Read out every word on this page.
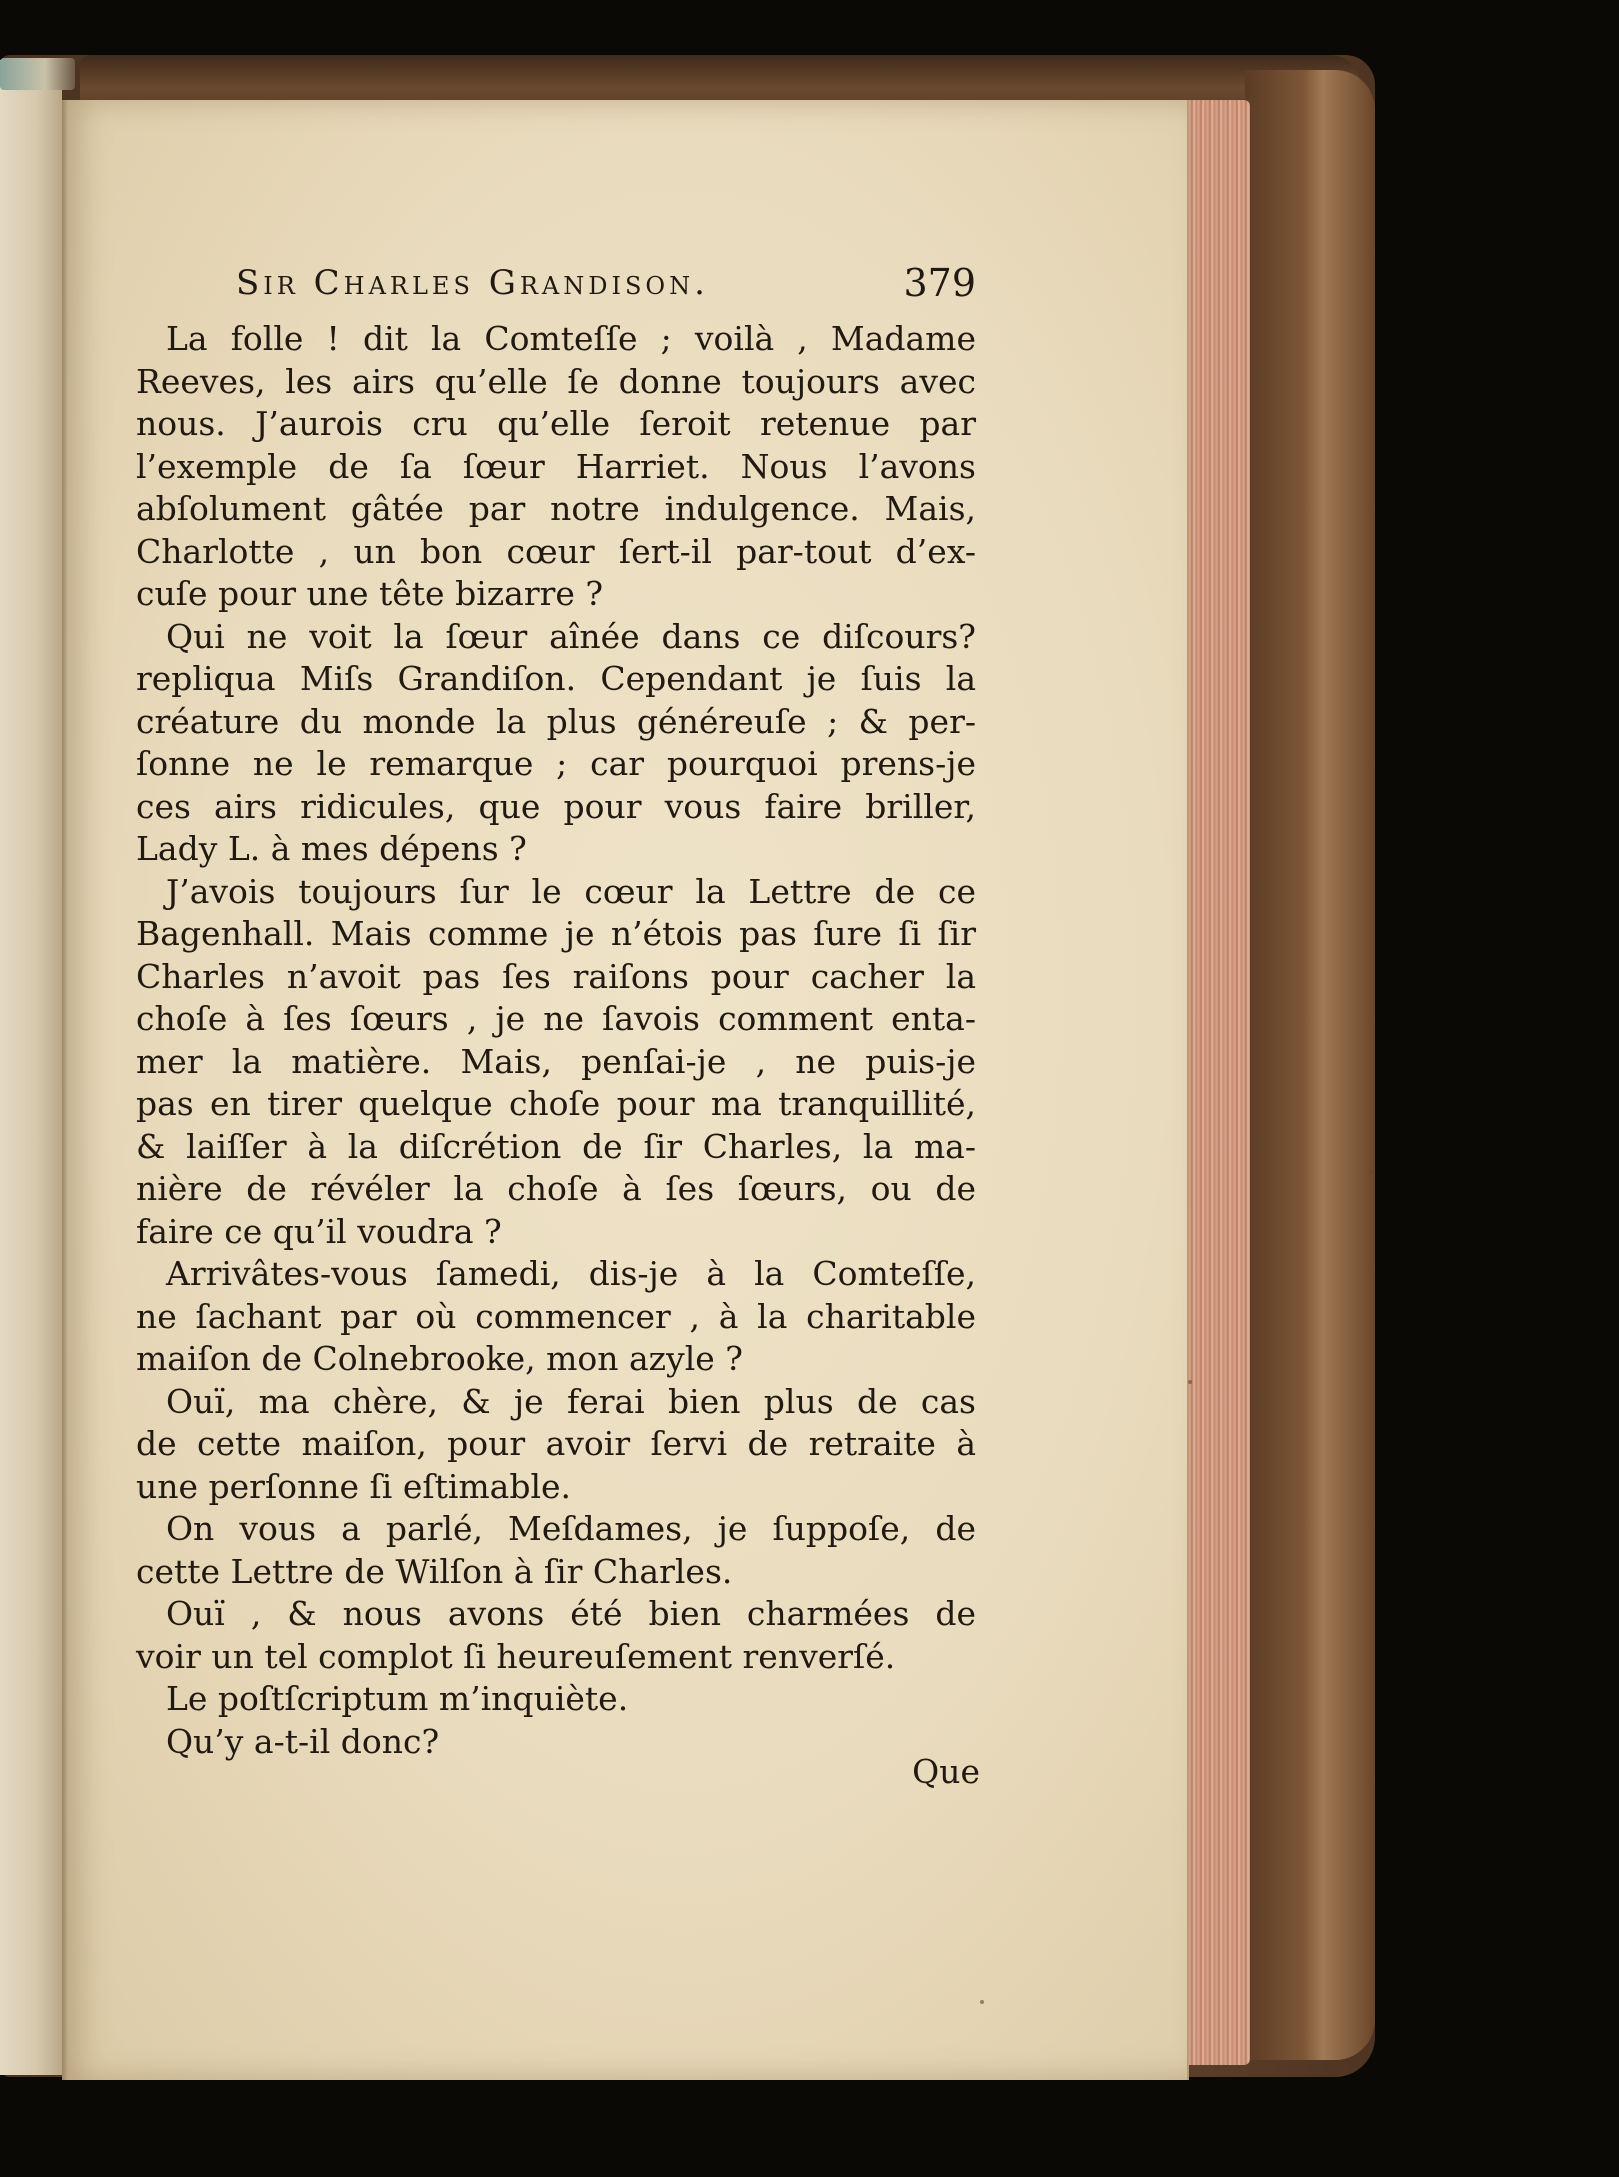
Sir Charles Grandison.	379
La folle ! dit la Comteſſe ; voilà , Madame
Reeves, les airs qu’elle ſe donne toujours avec
nous. J’aurois cru qu’elle ſeroit retenue par
l’exemple de ſa ſœur Harriet. Nous l’avons
abſolument gâtée par notre indulgence. Mais,
Charlotte , un bon cœur ſert-il par-tout d’ex-
cuſe pour une tête bizarre ?
Qui ne voit la ſœur aînée dans ce diſcours?
repliqua Miſs Grandiſon. Cependant je ſuis la
créature du monde la plus généreuſe ; & per-
ſonne ne le remarque ; car pourquoi prens-je
ces airs ridicules, que pour vous faire briller,
Lady L. à mes dépens ?
J’avois toujours ſur le cœur la Lettre de ce
Bagenhall. Mais comme je n’étois pas ſure ſi ſir
Charles n’avoit pas ſes raiſons pour cacher la
choſe à ſes ſœurs , je ne ſavois comment enta-
mer la matière. Mais, penſai-je , ne puis-je
pas en tirer quelque choſe pour ma tranquillité,
& laiſſer à la diſcrétion de ſir Charles, la ma-
nière de révéler la choſe à ſes ſœurs, ou de
faire ce qu’il voudra ?
Arrivâtes-vous ſamedi, dis-je à la Comteſſe,
ne ſachant par où commencer , à la charitable
maiſon de Colnebrooke, mon azyle ?
Ouï, ma chère, & je ferai bien plus de cas
de cette maiſon, pour avoir ſervi de retraite à
une perſonne ſi eſtimable.
On vous a parlé, Meſdames, je ſuppoſe, de
cette Lettre de Wilſon à ſir Charles.
Ouï , & nous avons été bien charmées de
voir un tel complot ſi heureuſement renverſé.
Le poſtſcriptum m’inquiète.
Qu’y a-t-il donc?
Que
